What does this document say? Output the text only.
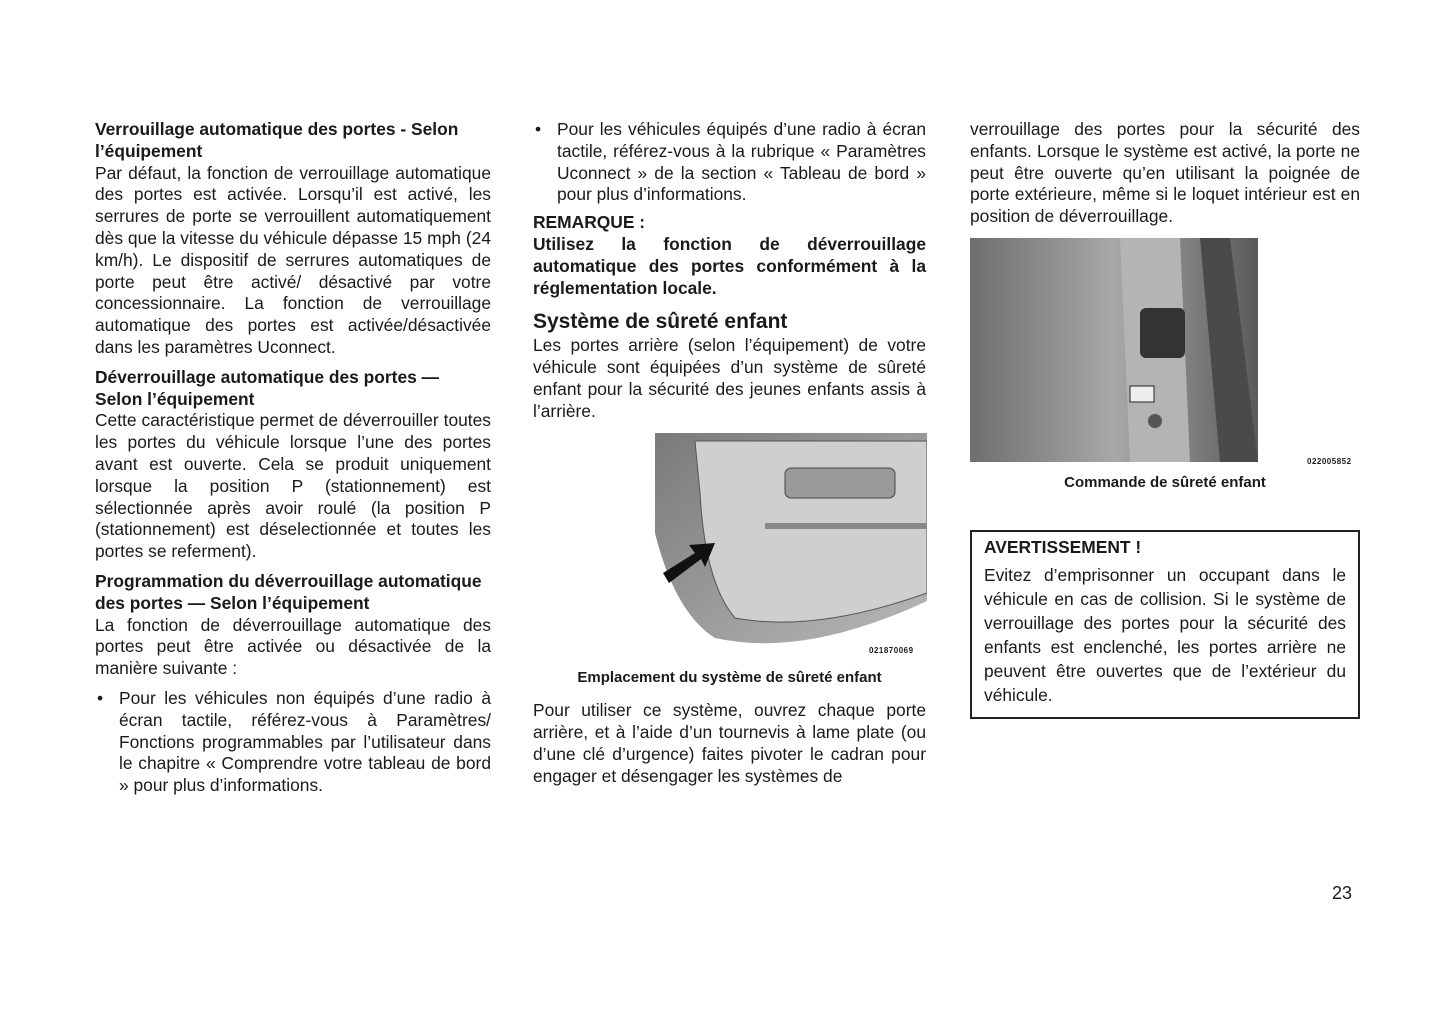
Verrouillage automatique des portes - Selon l’équipement

Par défaut, la fonction de verrouillage automatique des portes est activée. Lorsqu’il est activé, les serrures de porte se verrouillent automatiquement dès que la vitesse du véhicule dépasse 15 mph (24 km/h). Le dispositif de serrures automatiques de porte peut être activé/ désactivé par votre concessionnaire. La fonction de verrouillage automatique des portes est activée/désactivée dans les paramètres Uconnect.

Déverrouillage automatique des portes — Selon l’équipement

Cette caractéristique permet de déverrouiller toutes les portes du véhicule lorsque l’une des portes avant est ouverte. Cela se produit uniquement lorsque la position P (stationnement) est sélectionnée après avoir roulé (la position P (stationnement) est déselectionnée et toutes les portes se referment).

Programmation du déverrouillage automatique des portes — Selon l’équipement

La fonction de déverrouillage automatique des portes peut être activée ou désactivée de la manière suivante :

• Pour les véhicules non équipés d’une radio à écran tactile, référez-vous à Paramètres/ Fonctions programmables par l’utilisateur dans le chapitre « Comprendre votre tableau de bord » pour plus d’informations.
• Pour les véhicules équipés d’une radio à écran tactile, référez-vous à la rubrique « Paramètres Uconnect » de la section « Tableau de bord » pour plus d’informations.
REMARQUE :

Utilisez la fonction de déverrouillage automatique des portes conformément à la réglementation locale.

Système de sûreté enfant

Les portes arrière (selon l’équipement) de votre véhicule sont équipées d’un système de sûreté enfant pour la sécurité des jeunes enfants assis à l’arrière.

021870069
Emplacement du système de sûreté enfant

Pour utiliser ce système, ouvrez chaque porte arrière, et à l’aide d’un tournevis à lame plate (ou d’une clé d’urgence) faites pivoter le cadran pour engager et désengager les systèmes de

verrouillage des portes pour la sécurité des enfants. Lorsque le système est activé, la porte ne peut être ouverte qu’en utilisant la poignée de porte extérieure, même si le loquet intérieur est en position de déverrouillage.

022005852
Commande de sûreté enfant
AVERTISSEMENT !

Evitez d’emprisonner un occupant dans le véhicule en cas de collision. Si le système de verrouillage des portes pour la sécurité des enfants est enclenché, les portes arrière ne peuvent être ouvertes que de l’extérieur du véhicule.

23
